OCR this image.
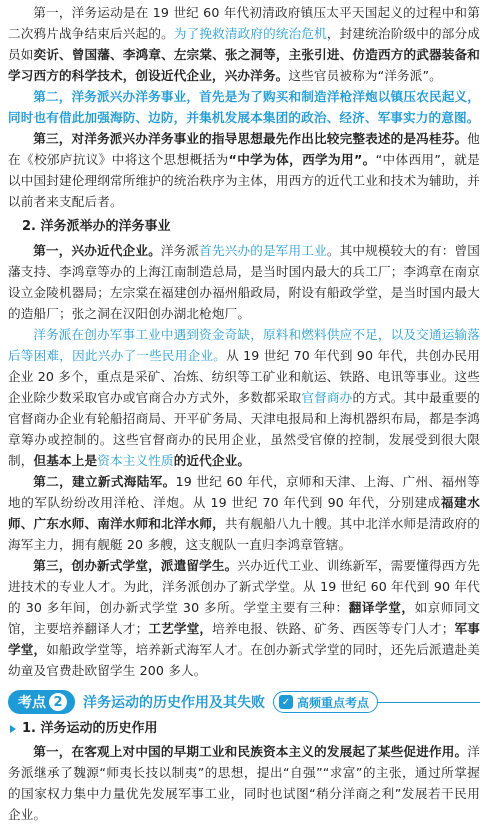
第一，洋务运动是在 19 世纪 60 年代初清政府镇压太平天国起义的过程中和第二次鸦片战争结束后兴起的。为了挽救清政府的统治危机，封建统治阶级中的部分成员如奕䜣、曾国藩、李鸿章、左宗棠、张之洞等，主张引进、仿造西方的武器装备和学习西方的科学技术，创设近代企业，兴办洋务。这些官员被称为“洋务派”。

第二，洋务派兴办洋务事业，首先是为了购买和制造洋枪洋炮以镇压农民起义，同时也有借此加强海防、边防，并集机发展本集团的政治、经济、军事实力的意图。

第三，对洋务派兴办洋务事业的指导思想最先作出比较完整表述的是冯桂芬。他在《校邠庐抗议》中将这个思想概括为“中学为体，西学为用”。“中体西用”，就是以中国封建伦理纲常所维护的统治秩序为主体，用西方的近代工业和技术为辅助，并以前者来支配后者。

2. 洋务派举办的洋务事业

第一，兴办近代企业。洋务派首先兴办的是军用工业。其中规模较大的有：曾国藩支持、李鸿章等办的上海江南制造总局，是当时国内最大的兵工厂；李鸿章在南京设立金陵机器局；左宗棠在福建创办福州船政局，附设有船政学堂，是当时国内最大的造船厂；张之洞在汉阳创办湖北枪炮厂。

洋务派在创办军事工业中遇到资金奇缺，原料和燃料供应不足，以及交通运输落后等困难，因此兴办了一些民用企业。从 19 世纪 70 年代到 90 年代，共创办民用企业 20 多个，重点是采矿、冶炼、纺织等工矿业和航运、铁路、电讯等事业。这些企业除少数采取官办或官商合办方式外，多数都采取官督商办的方式。其中最重要的官督商办企业有轮船招商局、开平矿务局、天津电报局和上海机器织布局，都是李鸿章筹办或控制的。这些官督商办的民用企业，虽然受官僚的控制，发展受到很大限制，但基本上是资本主义性质的近代企业。

第二，建立新式海陆军。19 世纪 60 年代，京师和天津、上海、广州、福州等地的军队纷纷改用洋枪、洋炮。从 19 世纪 70 年代到 90 年代，分别建成福建水师、广东水师、南洋水师和北洋水师，共有舰船八九十艘。其中北洋水师是清政府的海军主力，拥有舰艇 20 多艘，这支舰队一直归李鸿章管辖。

第三，创办新式学堂，派遣留学生。兴办近代工业、训练新军，需要懂得西方先进技术的专业人才。为此，洋务派创办了新式学堂。从 19 世纪 60 年代到 90 年代的 30 多年间，创办新式学堂 30 多所。学堂主要有三种：翻译学堂，如京师同文馆，主要培养翻译人才；工艺学堂，培养电报、铁路、矿务、西医等专门人才；军事学堂，如船政学堂等，培养新式海军人才。在创办新式学堂的同时，还先后派遣赴美幼童及官费赴欧留学生 200 多人。

考点 2	洋务运动的历史作用及其失败	✓ 高频重点考点
1. 洋务运动的历史作用

第一，在客观上对中国的早期工业和民族资本主义的发展起了某些促进作用。洋务派继承了魏源“师夷长技以制夷”的思想，提出“自强”“求富”的主张，通过所掌握的国家权力集中力量优先发展军事工业，同时也试图“稍分洋商之利”发展若干民用企业。
